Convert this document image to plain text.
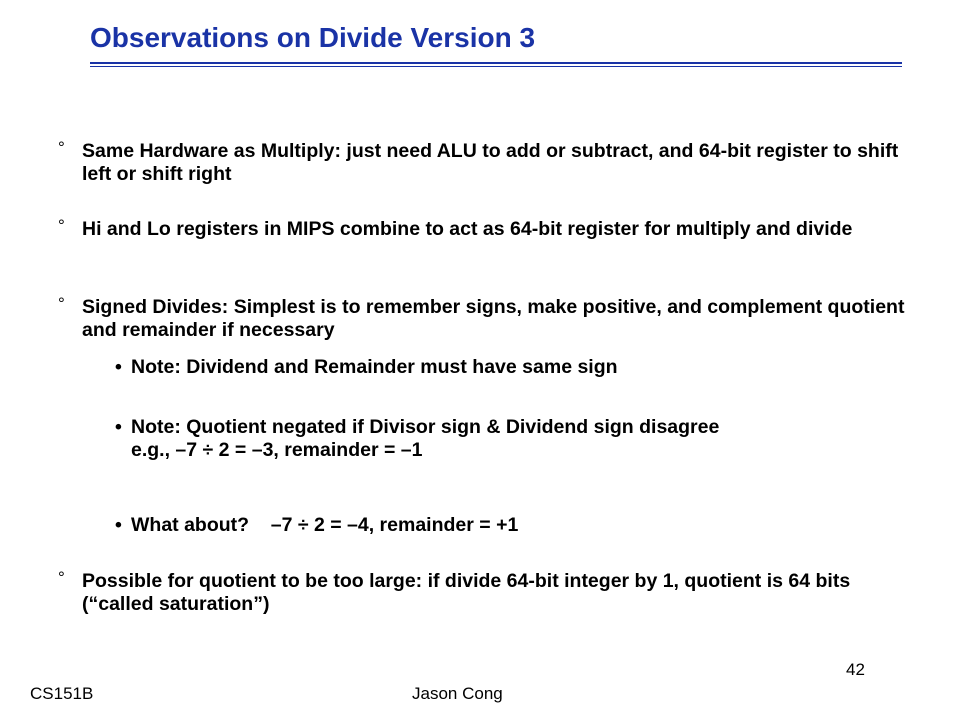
Observations on Divide Version 3
° Same Hardware as Multiply: just need ALU to add or subtract, and 64-bit register to shift left or shift right
° Hi and Lo registers in MIPS combine to act as 64-bit register for multiply and divide
° Signed Divides: Simplest is to remember signs, make positive, and complement quotient and remainder if necessary
• Note: Dividend and Remainder must have same sign
• Note: Quotient negated if Divisor sign & Dividend sign disagree
e.g., –7 ÷ 2 = –3, remainder = –1
• What about?    –7 ÷ 2 = –4, remainder = +1
° Possible for quotient to be too large: if divide 64-bit integer by 1, quotient is 64 bits (“called saturation”)
CS151B	Jason Cong
42
